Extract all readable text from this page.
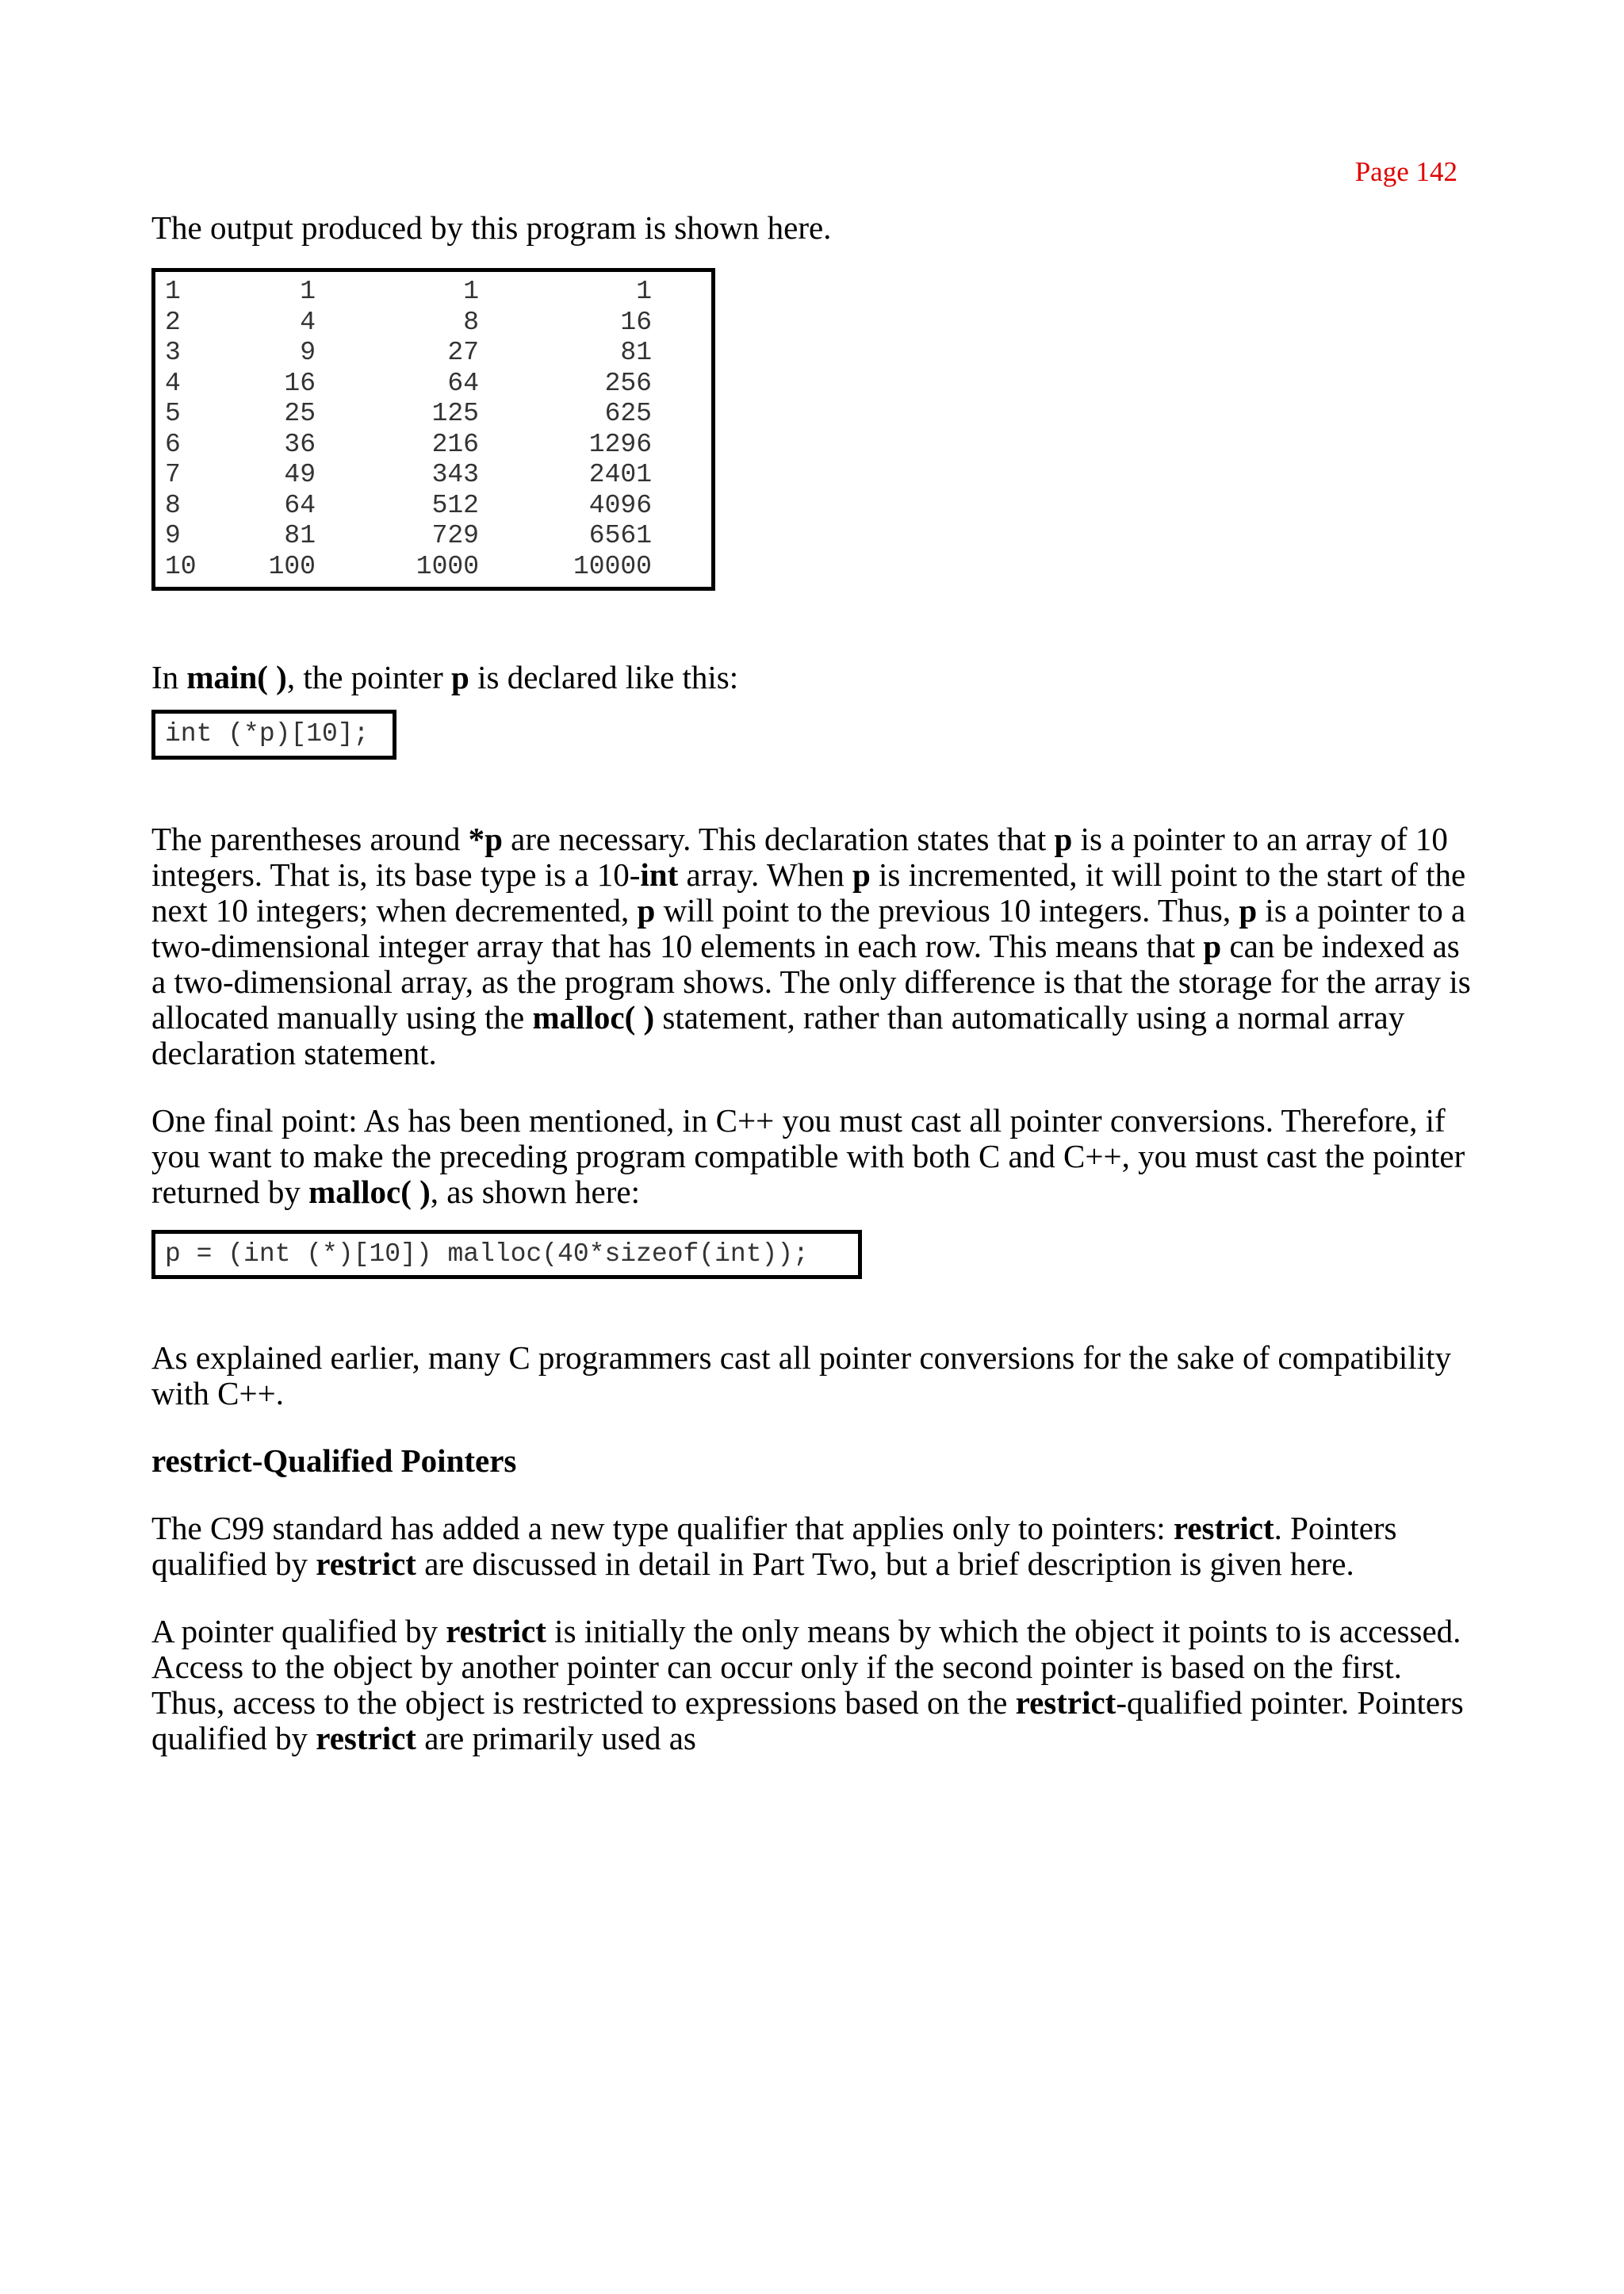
Page 142

The output produced by this program is shown here.

1	1	1	1
2	4	8	16
3	9	27	81
4	16	64	256
5	25	125	625
6	36	216	1296
7	49	343	2401
8	64	512	4096
9	81	729	6561
10	100	1000	10000

In main( ), the pointer p is declared like this:

int (*p)[10];

The parentheses around *p are necessary. This declaration states that p is a pointer to an array of 10 integers. That is, its base type is a 10-int array. When p is incremented, it will point to the start of the next 10 integers; when decremented, p will point to the previous 10 integers. Thus, p is a pointer to a two-dimensional integer array that has 10 elements in each row. This means that p can be indexed as a two-dimensional array, as the program shows. The only difference is that the storage for the array is allocated manually using the malloc( ) statement, rather than automatically using a normal array declaration statement.

One final point: As has been mentioned, in C++ you must cast all pointer conversions. Therefore, if you want to make the preceding program compatible with both C and C++, you must cast the pointer returned by malloc( ), as shown here:

p = (int (*)[10]) malloc(40*sizeof(int));

As explained earlier, many C programmers cast all pointer conversions for the sake of compatibility with C++.

restrict-Qualified Pointers

The C99 standard has added a new type qualifier that applies only to pointers: restrict. Pointers qualified by restrict are discussed in detail in Part Two, but a brief description is given here.

A pointer qualified by restrict is initially the only means by which the object it points to is accessed. Access to the object by another pointer can occur only if the second pointer is based on the first. Thus, access to the object is restricted to expressions based on the restrict-qualified pointer. Pointers qualified by restrict are primarily used as
